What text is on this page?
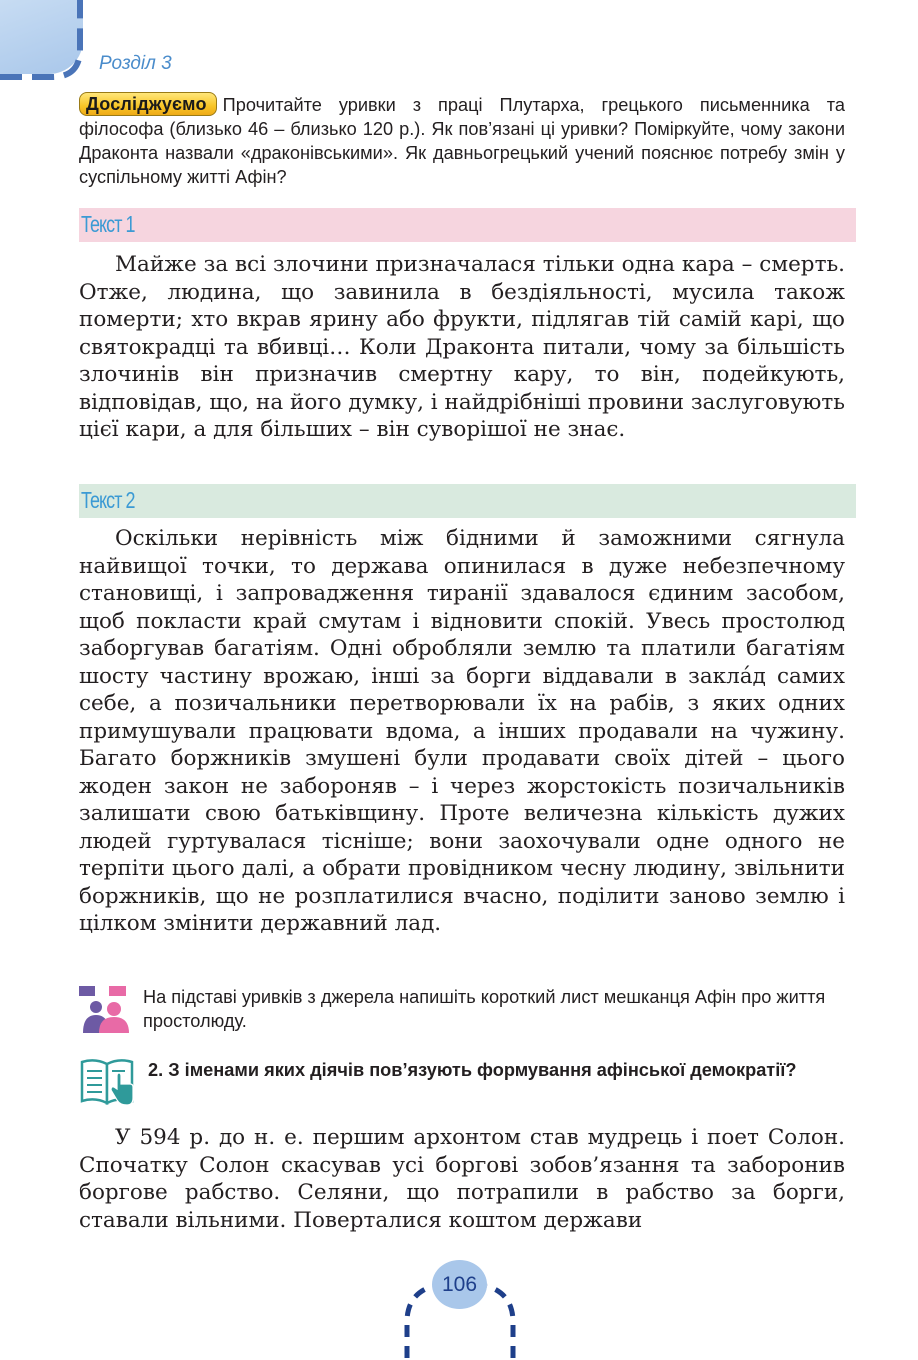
Розділ 3
Досліджуємо Прочитайте уривки з праці Плутарха, грецького письменника та філософа (близько 46 – близько 120 р.). Як пов’язані ці уривки? Поміркуйте, чому закони Драконта назвали «драконівськими». Як давньогрецький учений пояснює потребу змін у суспільному житті Афін?
Текст 1

Майже за всі злочини призначалася тільки одна кара – смерть. Отже, людина, що завинила в бездіяльності, мусила також померти; хто вкрав ярину або фрукти, підлягав тій самій карі, що святокрадці та вбивці… Коли Драконта питали, чому за більшість злочинів він призначив смертну кару, то він, подейкують, відповідав, що, на його думку, і найдрібніші провини заслуговують цієї кари, а для більших – він суворішої не знає.

Текст 2

Оскільки нерівність між бідними й заможними сягнула найвищої точки, то держава опинилася в дуже небезпечному становищі, і запровадження тиранії здавалося єдиним засобом, щоб покласти край смутам і відновити спокій. Увесь простолюд заборгував багатіям. Одні обробляли землю та платили багатіям шосту частину врожаю, інші за борги віддавали в закла́д самих себе, а позичальники перетворювали їх на рабів, з яких одних примушували працювати вдома, а інших продавали на чужину. Багато боржників змушені були продавати своїх дітей – цього жоден закон не забороняв – і через жорстокість позичальників залишати свою батьківщину. Проте величезна кількість дужих людей гуртувалася тісніше; вони заохочували одне одного не терпіти цього далі, а обрати провідником чесну людину, звільнити боржників, що не розплатилися вчасно, поділити заново землю і цілком змінити державний лад.

На підставі уривків з джерела напишіть короткий лист мешканця Афін про життя простолюду.
2. З іменами яких діячів пов’язують формування афінської демократії?

У 594 р. до н. е. першим архонтом став мудрець і поет Солон. Спочатку Солон скасував усі боргові зобов’язання та заборонив боргове рабство. Селяни, що потрапили в рабство за борги, ставали вільними. Поверталися коштом держави

106
